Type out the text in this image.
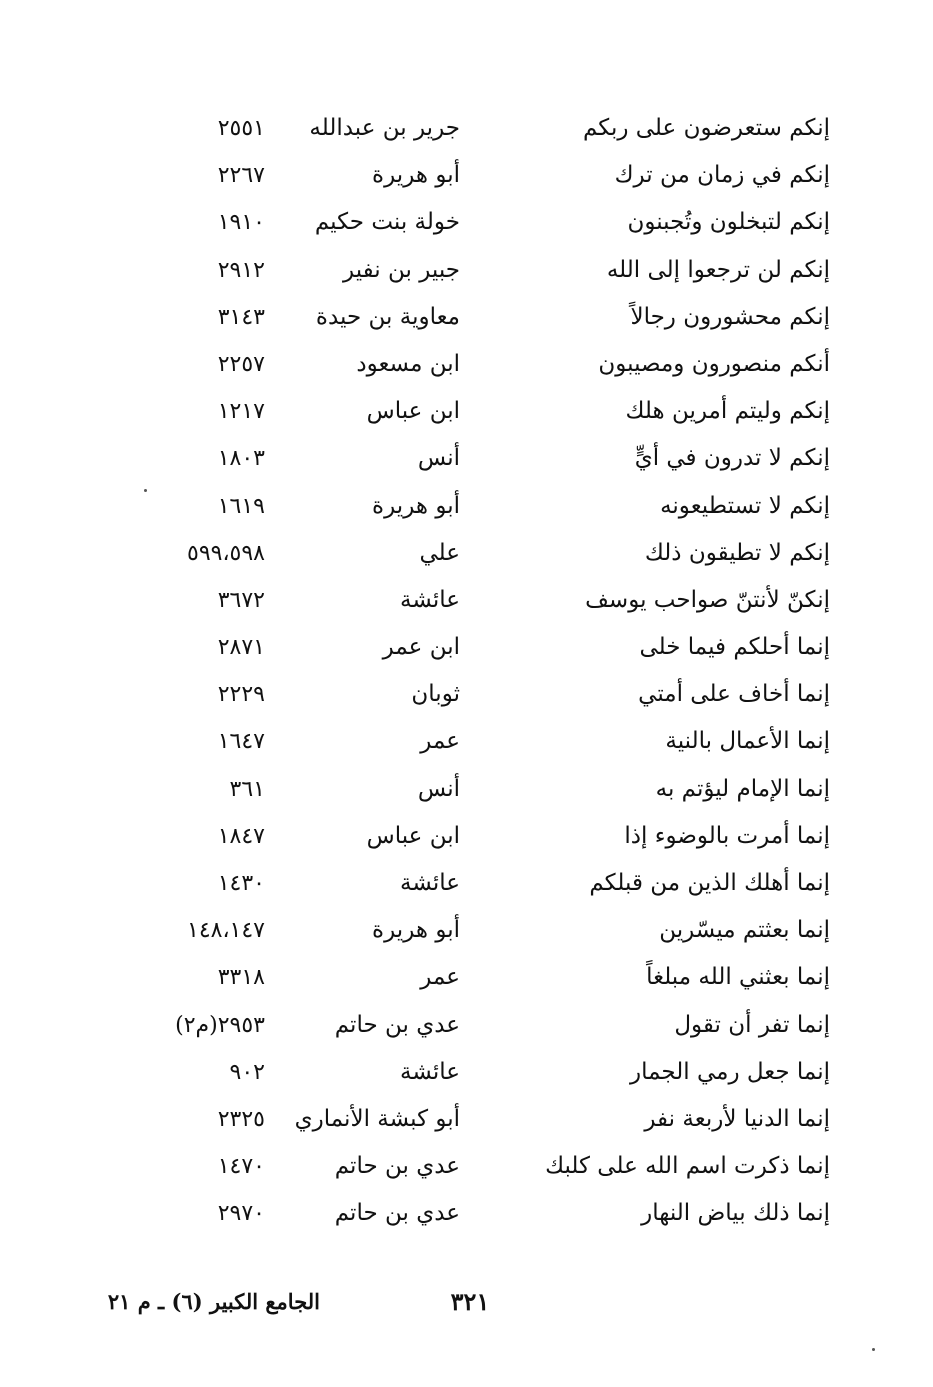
إنكم ستعرضون على ربكم
جرير بن عبدالله
٢٥٥١
إنكم في زمان من ترك
أبو هريرة
٢٢٦٧
إنكم لتبخلون وتُجبنون
خولة بنت حكيم
١٩١٠
إنكم لن ترجعوا إلى الله
جبير بن نفير
٢٩١٢
إنكم محشورون رجالاً
معاوية بن حيدة
٣١٤٣
أنكم منصورون ومصيبون
ابن مسعود
٢٢٥٧
إنكم وليتم أمرين هلك
ابن عباس
١٢١٧
إنكم لا تدرون في أيٍّ
أنس
١٨٠٣
إنكم لا تستطيعونه
أبو هريرة
١٦١٩
إنكم لا تطيقون ذلك
علي
٥٩٩،٥٩٨
إنكنّ لأنتنّ صواحب يوسف
عائشة
٣٦٧٢
إنما أحلكم فيما خلى
ابن عمر
٢٨٧١
إنما أخاف على أمتي
ثوبان
٢٢٢٩
إنما الأعمال بالنية
عمر
١٦٤٧
إنما الإمام ليؤتم به
أنس
٣٦١
إنما أمرت بالوضوء إذا
ابن عباس
١٨٤٧
إنما أهلك الذين من قبلكم
عائشة
١٤٣٠
إنما بعثتم ميسّرين
أبو هريرة
١٤٨،١٤٧
إنما بعثني الله مبلغاً
عمر
٣٣١٨
إنما تفر أن تقول
عدي بن حاتم
٢٩٥٣(م٢)
إنما جعل رمي الجمار
عائشة
٩٠٢
إنما الدنيا لأربعة نفر
أبو كبشة الأنماري
٢٣٢٥
إنما ذكرت اسم الله على كلبك
عدي بن حاتم
١٤٧٠
إنما ذلك بياض النهار
عدي بن حاتم
٢٩٧٠
٣٢١
الجامع الكبير (٦) ـ م ٢١
